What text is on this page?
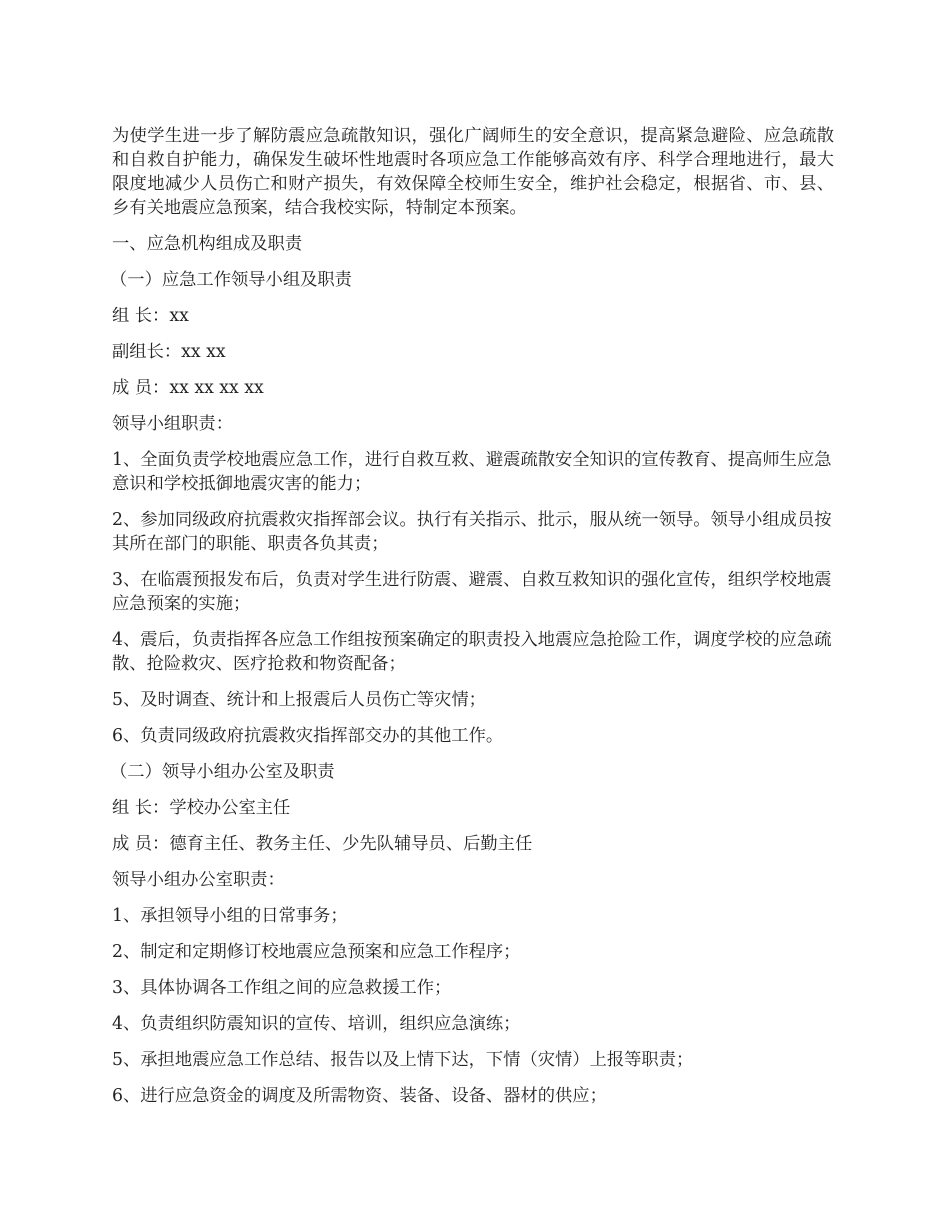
为使学生进一步了解防震应急疏散知识，强化广阔师生的安全意识，提高紧急避险、应急疏散和自救自护能力，确保发生破坏性地震时各项应急工作能够高效有序、科学合理地进行，最大限度地减少人员伤亡和财产损失，有效保障全校师生安全，维护社会稳定，根据省、市、县、乡有关地震应急预案，结合我校实际，特制定本预案。

一、应急机构组成及职责

（一）应急工作领导小组及职责

组 长：xx

副组长：xx xx

成 员：xx xx xx xx

领导小组职责：

1、全面负责学校地震应急工作，进行自救互救、避震疏散安全知识的宣传教育、提高师生应急意识和学校抵御地震灾害的能力；

2、参加同级政府抗震救灾指挥部会议。执行有关指示、批示，服从统一领导。领导小组成员按其所在部门的职能、职责各负其责；

3、在临震预报发布后，负责对学生进行防震、避震、自救互救知识的强化宣传，组织学校地震应急预案的实施；

4、震后，负责指挥各应急工作组按预案确定的职责投入地震应急抢险工作，调度学校的应急疏散、抢险救灾、医疗抢救和物资配备；

5、及时调查、统计和上报震后人员伤亡等灾情；

6、负责同级政府抗震救灾指挥部交办的其他工作。

（二）领导小组办公室及职责

组 长：学校办公室主任

成 员：德育主任、教务主任、少先队辅导员、后勤主任

领导小组办公室职责：

1、承担领导小组的日常事务；

2、制定和定期修订校地震应急预案和应急工作程序；

3、具体协调各工作组之间的应急救援工作；

4、负责组织防震知识的宣传、培训，组织应急演练；

5、承担地震应急工作总结、报告以及上情下达，下情（灾情）上报等职责；

6、进行应急资金的调度及所需物资、装备、设备、器材的供应；
